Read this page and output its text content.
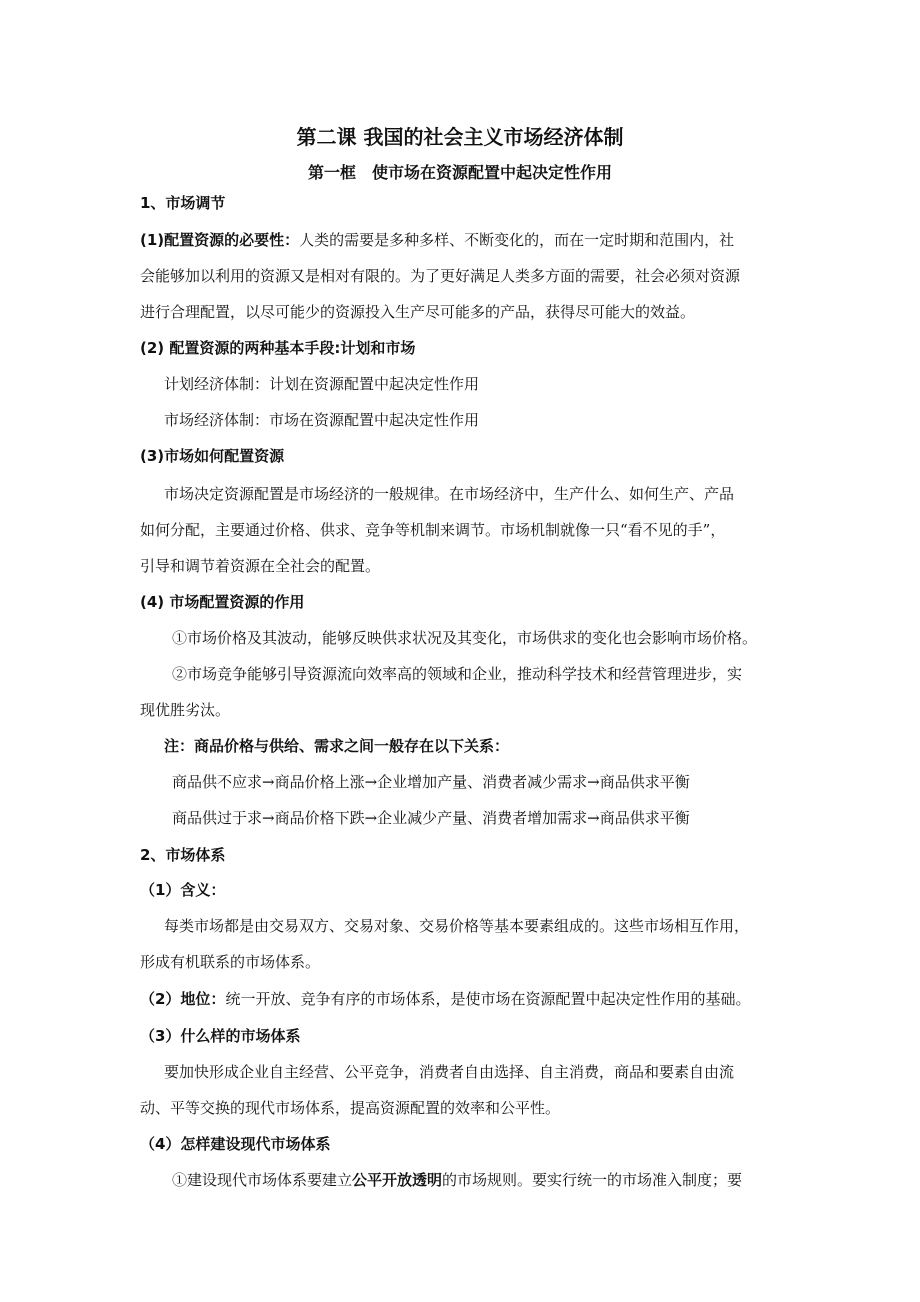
第二课 我国的社会主义市场经济体制
第一框　使市场在资源配置中起决定性作用
1、市场调节
(1)配置资源的必要性：人类的需要是多种多样、不断变化的，而在一定时期和范围内，社
会能够加以利用的资源又是相对有限的。为了更好满足人类多方面的需要，社会必须对资源
进行合理配置，以尽可能少的资源投入生产尽可能多的产品，获得尽可能大的效益。
(2) 配置资源的两种基本手段:计划和市场
计划经济体制：计划在资源配置中起决定性作用
市场经济体制：市场在资源配置中起决定性作用
(3)市场如何配置资源
市场决定资源配置是市场经济的一般规律。在市场经济中，生产什么、如何生产、产品
如何分配，主要通过价格、供求、竞争等机制来调节。市场机制就像一只“看不见的手”，
引导和调节着资源在全社会的配置。
(4) 市场配置资源的作用
①市场价格及其波动，能够反映供求状况及其变化，市场供求的变化也会影响市场价格。
②市场竞争能够引导资源流向效率高的领域和企业，推动科学技术和经营管理进步，实
现优胜劣汰。
注：商品价格与供给、需求之间一般存在以下关系：
商品供不应求→商品价格上涨→企业增加产量、消费者减少需求→商品供求平衡
商品供过于求→商品价格下跌→企业减少产量、消费者增加需求→商品供求平衡
2、市场体系
（1）含义：
每类市场都是由交易双方、交易对象、交易价格等基本要素组成的。这些市场相互作用，
形成有机联系的市场体系。
（2）地位：统一开放、竞争有序的市场体系，是使市场在资源配置中起决定性作用的基础。
（3）什么样的市场体系
要加快形成企业自主经营、公平竞争，消费者自由选择、自主消费，商品和要素自由流
动、平等交换的现代市场体系，提高资源配置的效率和公平性。
（4）怎样建设现代市场体系
①建设现代市场体系要建立公平开放透明的市场规则。要实行统一的市场准入制度；要
